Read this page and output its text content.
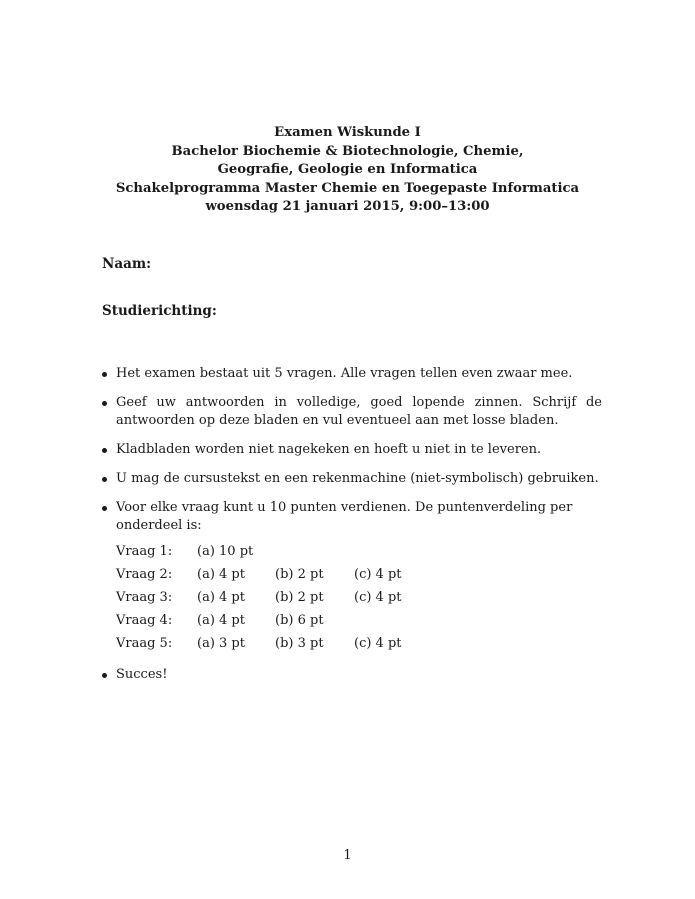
Examen Wiskunde I
Bachelor Biochemie & Biotechnologie, Chemie,
Geografie, Geologie en Informatica
Schakelprogramma Master Chemie en Toegepaste Informatica
woensdag 21 januari 2015, 9:00–13:00
Naam:
Studierichting:
Het examen bestaat uit 5 vragen. Alle vragen tellen even zwaar mee.
Geef uw antwoorden in volledige, goed lopende zinnen. Schrijf de antwoorden op deze bladen en vul eventueel aan met losse bladen.
Kladbladen worden niet nagekeken en hoeft u niet in te leveren.
U mag de cursustekst en een rekenmachine (niet-symbolisch) gebruiken.
Voor elke vraag kunt u 10 punten verdienen. De puntenverdeling per onderdeel is:
Vraag 1:	(a) 10 pt		
Vraag 2:	(a) 4 pt	(b) 2 pt	(c) 4 pt
Vraag 3:	(a) 4 pt	(b) 2 pt	(c) 4 pt
Vraag 4:	(a) 4 pt	(b) 6 pt	
Vraag 5:	(a) 3 pt	(b) 3 pt	(c) 4 pt
Succes!
1
